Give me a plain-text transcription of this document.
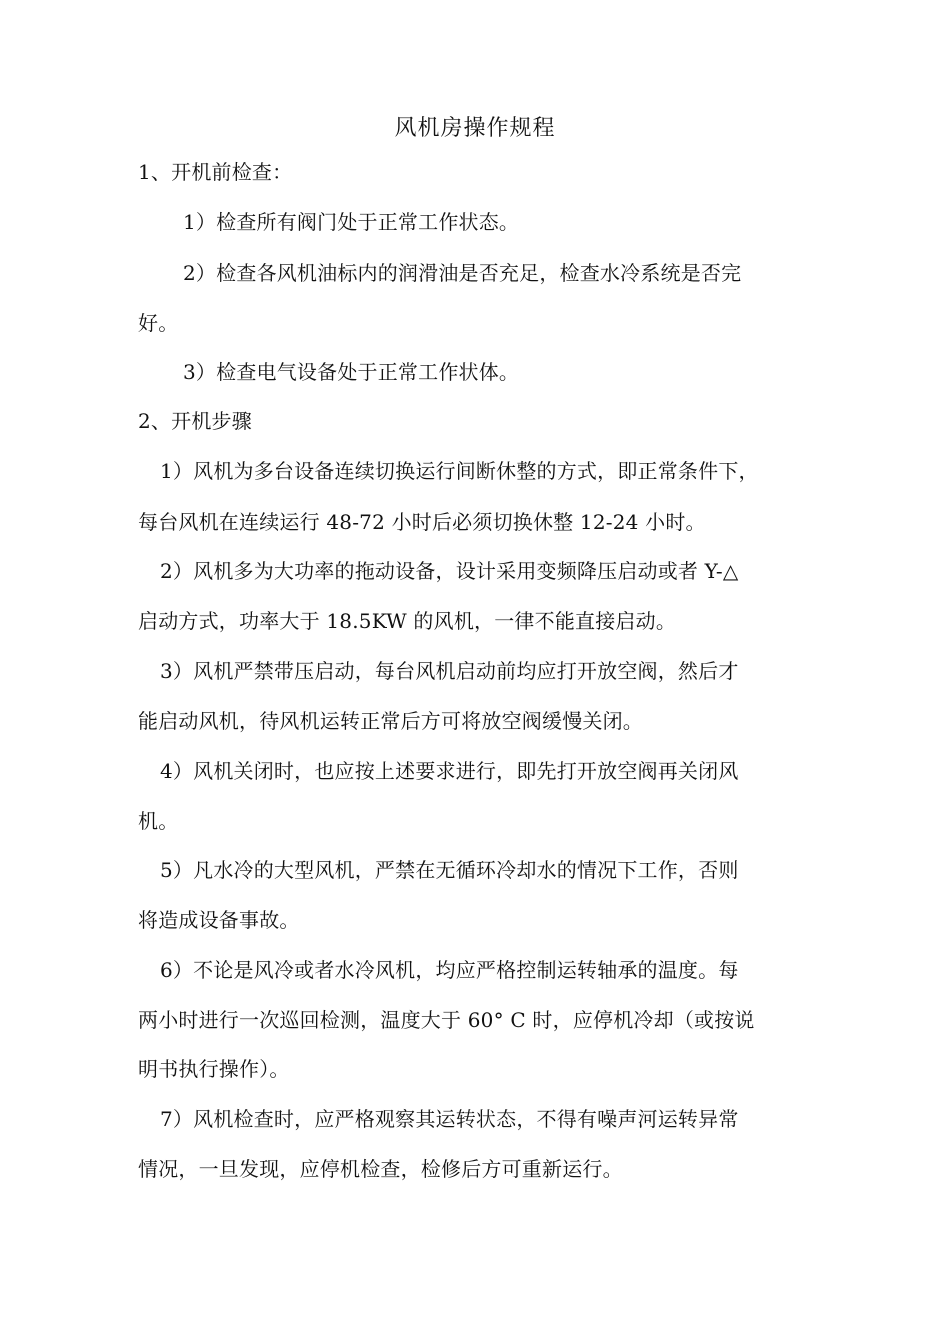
风机房操作规程
1、开机前检查：
1）检查所有阀门处于正常工作状态。
2）检查各风机油标内的润滑油是否充足，检查水冷系统是否完
好。
3）检查电气设备处于正常工作状体。
2、开机步骤
1）风机为多台设备连续切换运行间断休整的方式，即正常条件下，
每台风机在连续运行 48-72 小时后必须切换休整 12-24 小时。
2）风机多为大功率的拖动设备，设计采用变频降压启动或者 Y-△
启动方式，功率大于 18.5KW 的风机，一律不能直接启动。
3）风机严禁带压启动，每台风机启动前均应打开放空阀，然后才
能启动风机，待风机运转正常后方可将放空阀缓慢关闭。
4）风机关闭时，也应按上述要求进行，即先打开放空阀再关闭风
机。
5）凡水冷的大型风机，严禁在无循环冷却水的情况下工作，否则
将造成设备事故。
6）不论是风冷或者水冷风机，均应严格控制运转轴承的温度。每
两小时进行一次巡回检测，温度大于 60° C 时，应停机冷却（或按说
明书执行操作）。
7）风机检查时，应严格观察其运转状态，不得有噪声河运转异常
情况，一旦发现，应停机检查，检修后方可重新运行。
